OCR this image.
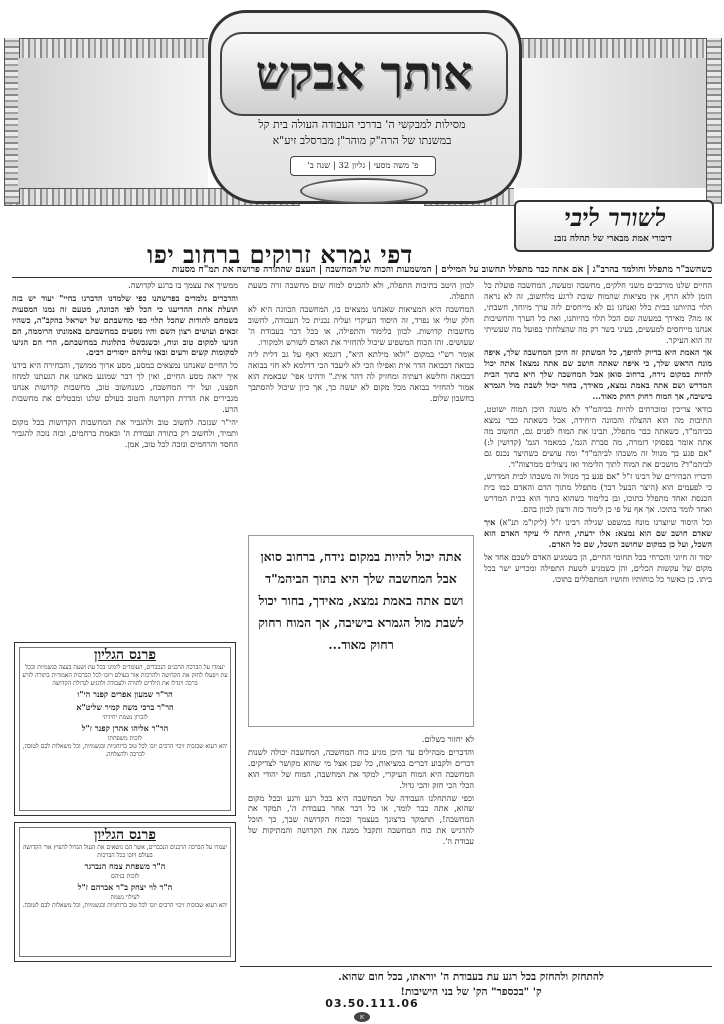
אותך אבקש
מסילות למבקשי ה' בדרכי העבודה העולה בית קל
במשנתו של הרה"ק מוהר"ן מברסלב זיע"א
פ' משה מסעי | גליון 32 | שנה ב'
לשורר ליבי
דיבורי אמת מבארי של תהלה נזבנ
דפי גמרא זרוקים ברחוב יפו
כשחשב"ר מתפלל וחולמד בהרב"ג | אם אתה כבר מתפלל תחשוב על המילים | המשמעות והכוח של המחשבה | העצם שהתורה פרושה את תמ"ח מסעות

החיים שלנו מורכבים משני חלקים, מחשבה ומעשה, המחשבה פועלת כל הזמן ללא הרף, אין מציאות שהמוח שובת לרגע מלחשוב, זה לא נראה תלוי בהיותנו בבית כלל ואנחנו גם לא מייחסים לזה ערך מיוחד, חשבתי, אז מה? מאידך במעשה שם הכל תלוי בהיותנו, ואת כל הערך והחשיבות אנחנו מייחסים למעשים, בעיני בשר רק מה שהצלחתי בפועל מה שעשיתי זה הוא העיקר.

אך האמת היא בדיוק להיפך, כל המשתק זה היכן המחשבה שלך, איפה מונח הראש שלך, כי איפה שאתה חושב שם אתה נמצא! אתה יכול להיות במקום נידח, ברחוב סואן אבל המחשבה שלך היא בתוך הבית המדרש ושם אתה באמת נמצא, מאידך, בחור יכול לשבת מול הגמרא בישיבה, אך המוח רחוק רחוק מאוד...

בודאי צריכין ומוכרחים להיות בביהמ"ד לא משנה היכן המוח ישוטט, התיבות מה הוא ההצלה והכוונה היחידה, אבל כשאתה כבר נמצא בביהמ"ד, כשאתה כבר מתפלל, תבינו את המוח לפנים גם, תחשוב מה אתה אומר בפסוקי דזמרה, מה סברת הגמ', כמאמר הגמ' (קדושין ל:) "אם פגע בך מנוול זה משכהו לביהמ"ד" ומה עושים כשהיצר נכנס גם לביהמ"ד? מושכים את המוח לתוך הלימוד ואז ניצולים ממרצוה"ר.

ודבריו הבהירים של רבינו ז"ל "אם פגע בך מנוול זה משכהו לבית המדרש, כי לפעמים הוא (היצר הבעל דבר) מתפלל מתוך הדם והאדם כמו בית הכנסת ואחד מתפלל בתוכו, ובן בלימוד כשהוא בתוך הוא בבית המדרש ואחד לומד בתוכו. אך אף על פי כן לימוד כזה ורצון לכוון בהם.

וכל היסוד שיוצרנו מונח במשפט שגילה רבינו ז"ל (ליקו"מ תנ"א) איך שאדם חושב שם הוא נמצא: אלו ידעתי, היתה לי עיקר האדם הוא השכל, ועל כן במקום שחושב השכל, שם כל האדם.

יסוד זה חיוני והכרחי בכל תחומי החיים, הן כשמגיע האדם לשכם אחד אל מקום של עקשות הכלים, והן כשמגיע לשעת התפילה ומכריע ישר בכל ביתו. כן כאשר כל כוחותיו וחושיו המתפללים בתוכו.

לכוון היטב בתיבות התפלה, ולא להכניס למוח שום מחשבה זרה בשעת התפלה.

המחשבה היא המציאות שאנחנו נמצאים בו, המחשבה הכוונה היא לא חלק שולי או נפרד, זה היסוד העיקרי ועליה נבנית כל העבודה, לחשוב מחשבות קדושות. לכוון בלימוד והתפילה, או בכל דבר בעבודת ה' שעושים. זהו הכוח המשפיע שיכול להחזיר את האדם לשורש ולמקורו.

אומר רש"י במקום "ולאו מילתא היא", דוגמא דאף על גב דלית ליה בבואה דבבואה הדר אית ואפילו הכי לא ליעבד הכי דדלמא לא חזי בבואה דבבואה וחלשא דעתיה ומחזיק לה דהר אית." ודהינו אפי' שבאמת הוא אמור להחזיר בבואה מכל מקום לא יעשה כך, אך כיון שיכול להסתבך בחשבון שלום.

אתה יכול להיות במקום נידח, ברחוב סואן אבל המחשבה שלך היא בתוך הביהמ"ד ושם אתה באמת נמצא, מאידך, בחור יכול לשבת מול הגמרא בישיבה, אך המוח רחוק רחוק מאוד...

לא יחזור בשלום.

והדברים מבהילים עד היכן מגיע כוח המחשבה, המחשבה יכולה לשנות דברים ולקבוע דברים במציאות, כל שכן אצל מי שהוא מקושר לצדיקים. המחשבה היא המוח העיקרי, למקד את המחשבה, המוח של יהודי הוא הכלי הכי חזק והכי גדול.

וכפי שהתחלנו העבודה של המחשבה היא בכל רגע ורגע ובכל מקום שהוא, אתה כבר לומד, או כל דבר אחר בעבודת ה', תמקד את המחשבה!, תתמקד ברצונך בעצמך ובכוח הקדושה שבך, כך תוכל להרגיש את כוח המחשבה ותקבל ממנה את הקדושה והמתיקות של עבודת ה'.

ממשיך את עצמך בו ברגע לקדושה.

והדברים נלמדים בפרשתנו כפי שלמדנו הדברנו בחיי" יעוד יש בזה תועלת אחת ההדיעגו כי הכל לפי הכוונה, מטעם זה נמנו המסעות בשמחם להודות שהכל תלוי כפי מחשבתם של ישראל בהקב"ה, כשהיו זכאים ועושים רצון השם והיו נוסעים במחשבתם באמונתו הרוממה, הם הגיעו למקום טוב ונוח, וכשנכשלו בתלונות במחשבתם, הרי הם הגיעו למקומות קשים ורעים ובאו עליהם ייסורים רבים.

כל החיים שאנחנו נמצאים במסע, מסע ארוך ממושך, והבחירה היא בידנו איך יראה מסע החיים, ואין לך דבר שמונע מאתנו את הגעתנו למחוז חפצנו, ועל ידי המחשבה, כשנחשוב טוב, מחשבות קדושות אנחנו מגבירים את הדרת הקדושה והטוב בעולם שלנו ומבטלים את מחשבות הרע.

יהי"ר שנזכה לחשוב טוב ולהגביר את המחשבות הקדושות בכל מקום ותמיד, ולחשוב רק בתורה ועבודת ה' ובאמת ברחמים, ובזה נזכה להגביר החסד והרחמים ונזכה לכל טוב, אמן.

פרנס הגליון
יעמדו על הברכה הרבנים הנכבדים, העומדים לימינו בכל עת ושעה בעצה בגשמיות ובכל עת ויפעלו לחזק את הקדושה ולהרבות אור בעולם ויזכו לכל הברכות האמורות בתורה לזרע ברכה ויגדלו את הילדים לתורה ולעבודה ולהגיע לגדולת הקדושה
הר"ר שמעון אפרים קפנר הי"ו
הר"ר ברכי משה קמיר שליט"א
לזכרון נשמת יחידתי
הר"ר אליהו אהרן קפנר ז"ל
לזכות משפחתו
יהא רעוא שבזכות זיכוי הרבים יזכו לכל טוב ברוחניות ובגשמיות, וכל משאלות לבם לטובה, לברכה ולהצלחה.
פרנס הגליון
יעמדו על הברכה הרבנים הנכבדים, אשר הם נושאים את העול הגדול להפיץ אור הקדושה בעולם ויזכו בכל הברכות
ה"ר משפחת צמח הנברגר
לזכות בניהם
ה"ר לוי יצחק ב"ר אברהם ז"ל
לעילוי נשמת
יהא רעוא שבזכות זיכוי הרבים יזכו לכל טוב ברוחניות ובגשמיות, וכל משאלות לבם לטובה.
להתחזק ולהחזק בכל רגע עת בעבודת ה' יוראתו, בכל חום שהוא.
ק' "בכספר" הק' של בני הישיבות!
03.50.111.06
א
